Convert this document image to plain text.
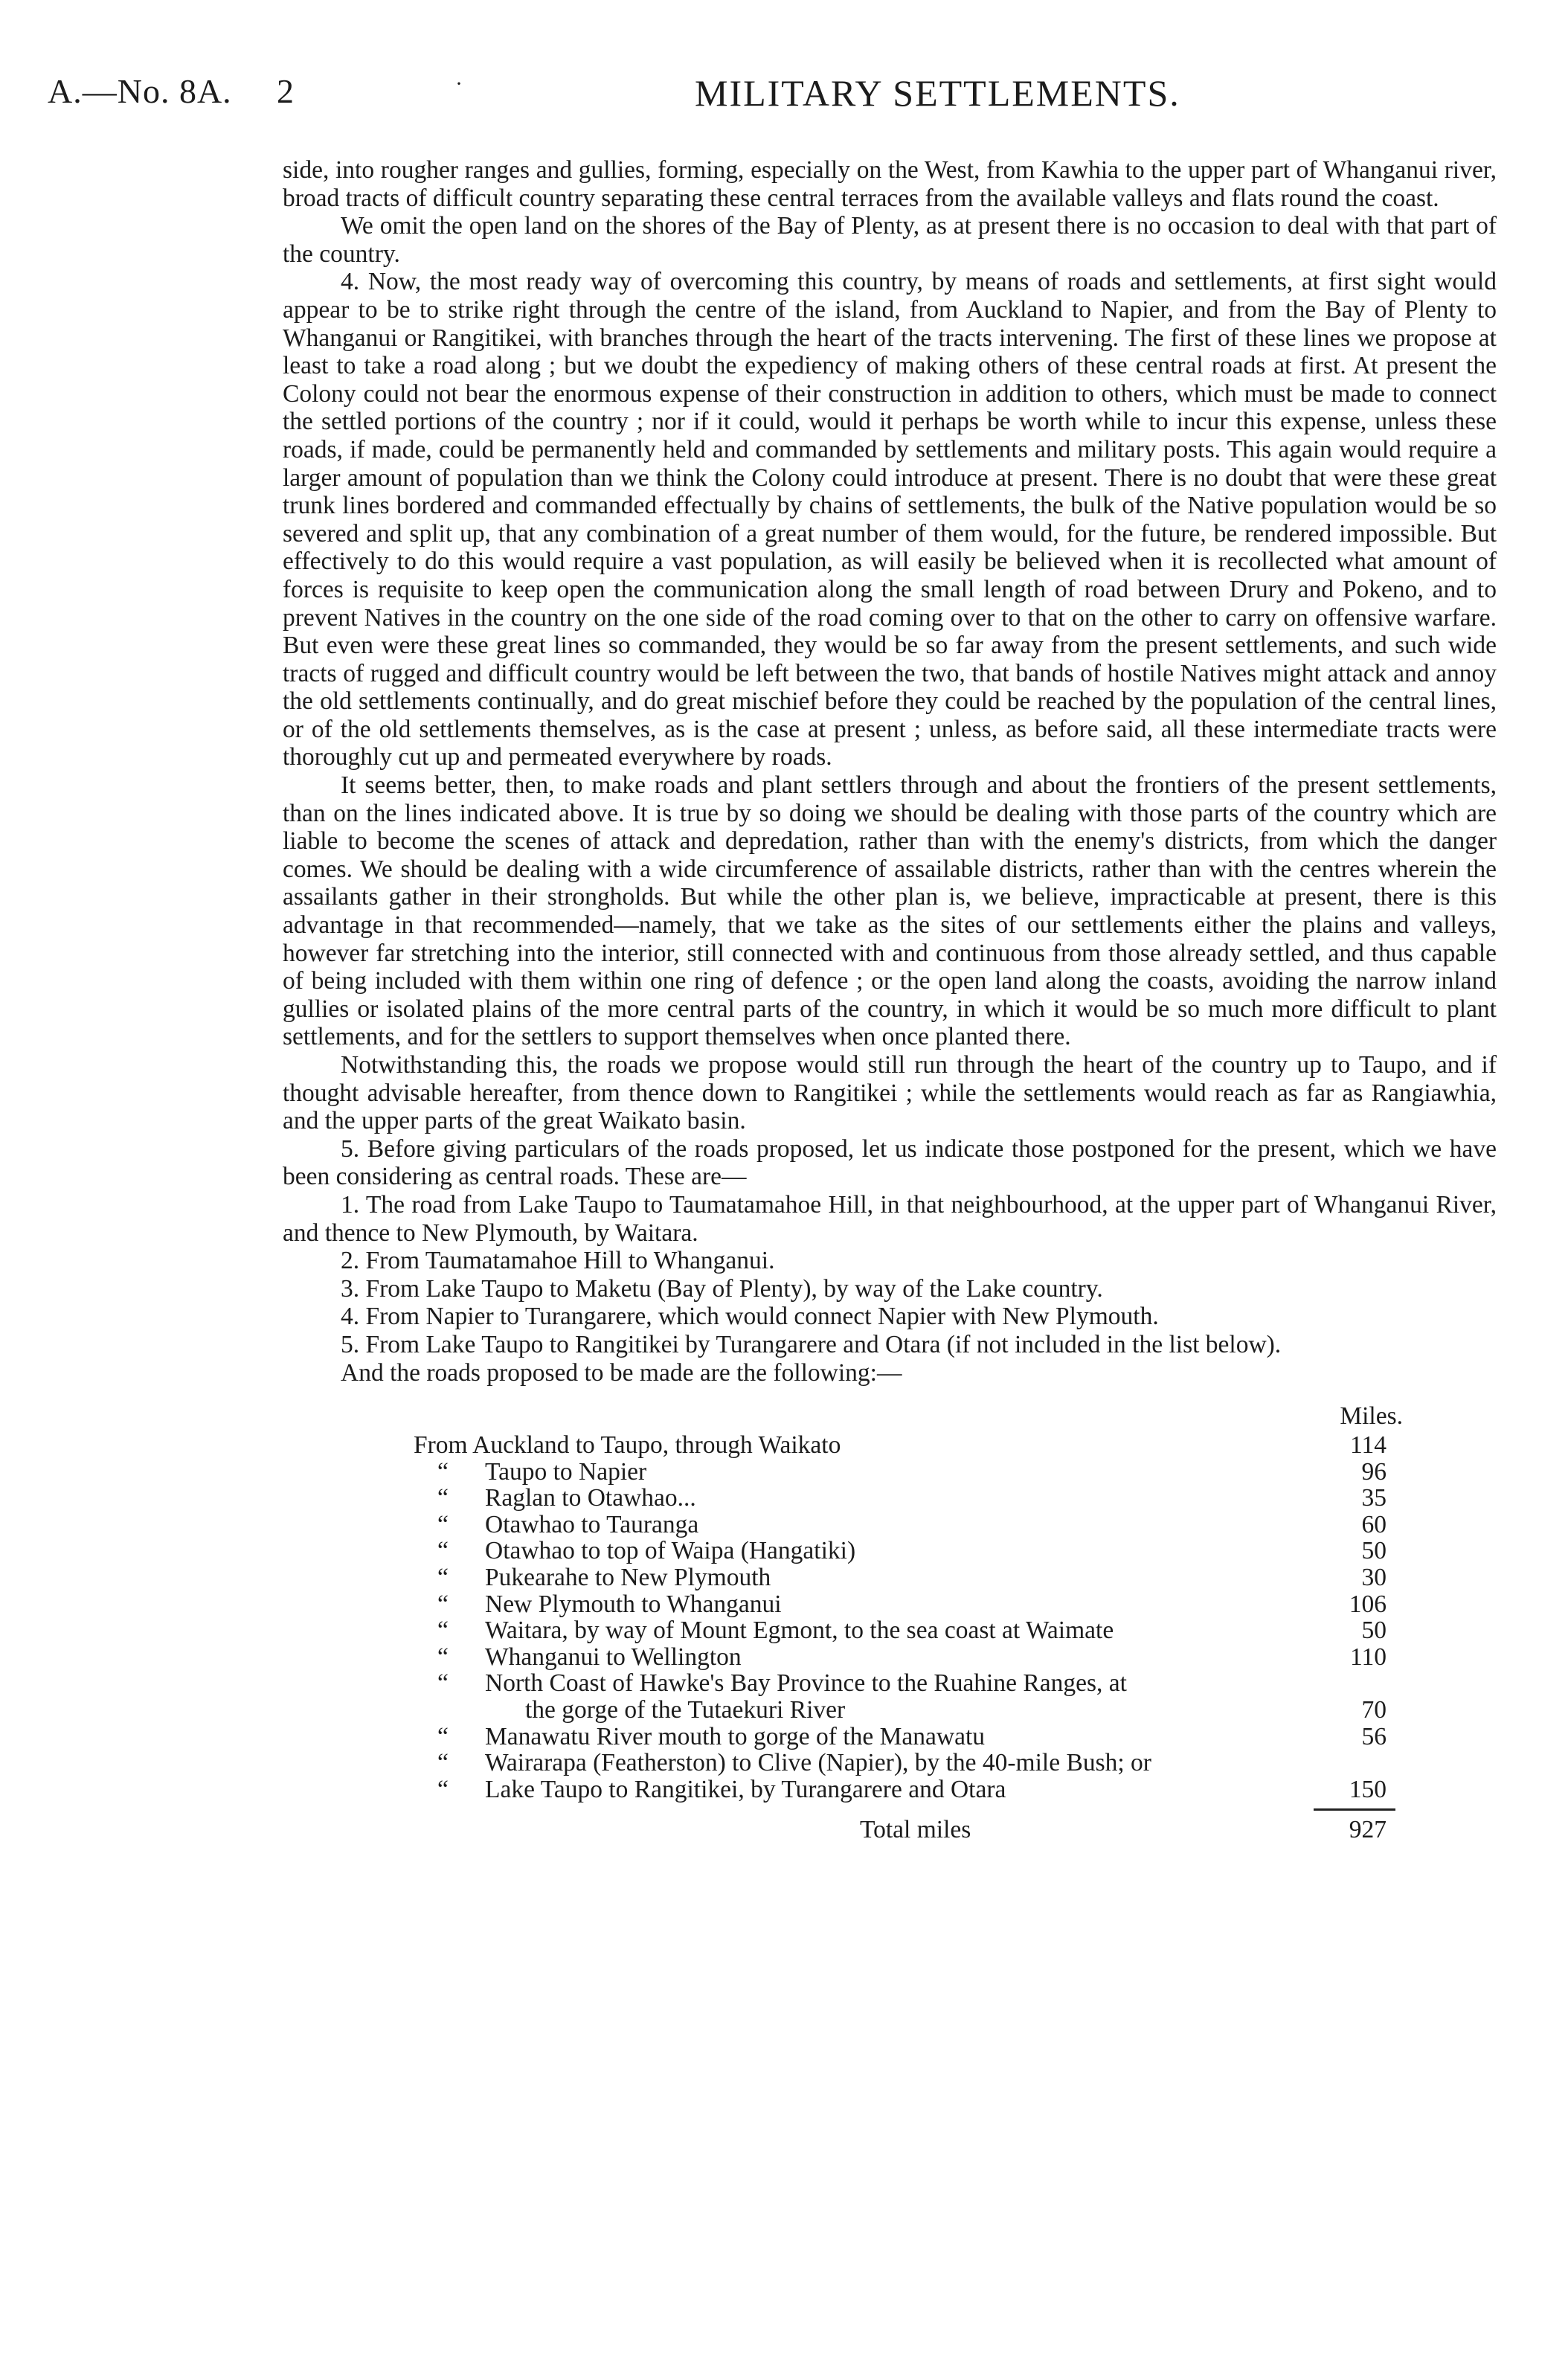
A.—No. 8A. 2	·	MILITARY SETTLEMENTS.

side, into rougher ranges and gullies, forming, especially on the West, from Kawhia to the upper part of Whanganui river, broad tracts of difficult country separating these central terraces from the available valleys and flats round the coast.

We omit the open land on the shores of the Bay of Plenty, as at present there is no occasion to deal with that part of the country.

4. Now, the most ready way of overcoming this country, by means of roads and settlements, at first sight would appear to be to strike right through the centre of the island, from Auckland to Napier, and from the Bay of Plenty to Whanganui or Rangitikei, with branches through the heart of the tracts intervening. The first of these lines we propose at least to take a road along ; but we doubt the expediency of making others of these central roads at first. At present the Colony could not bear the enormous expense of their construction in addition to others, which must be made to connect the settled portions of the country ; nor if it could, would it perhaps be worth while to incur this expense, unless these roads, if made, could be permanently held and commanded by settlements and military posts. This again would require a larger amount of population than we think the Colony could introduce at present. There is no doubt that were these great trunk lines bordered and commanded effectually by chains of settlements, the bulk of the Native population would be so severed and split up, that any combination of a great number of them would, for the future, be rendered impossible. But effectively to do this would require a vast population, as will easily be believed when it is recollected what amount of forces is requisite to keep open the communication along the small length of road between Drury and Pokeno, and to prevent Natives in the country on the one side of the road coming over to that on the other to carry on offensive warfare. But even were these great lines so commanded, they would be so far away from the present settlements, and such wide tracts of rugged and difficult country would be left between the two, that bands of hostile Natives might attack and annoy the old settlements continually, and do great mischief before they could be reached by the population of the central lines, or of the old settlements themselves, as is the case at present ; unless, as before said, all these intermediate tracts were thoroughly cut up and permeated everywhere by roads.

It seems better, then, to make roads and plant settlers through and about the frontiers of the present settlements, than on the lines indicated above. It is true by so doing we should be dealing with those parts of the country which are liable to become the scenes of attack and depredation, rather than with the enemy's districts, from which the danger comes. We should be dealing with a wide circumference of assailable districts, rather than with the centres wherein the assailants gather in their strongholds. But while the other plan is, we believe, impracticable at present, there is this advantage in that recommended—namely, that we take as the sites of our settlements either the plains and valleys, however far stretching into the interior, still connected with and continuous from those already settled, and thus capable of being included with them within one ring of defence ; or the open land along the coasts, avoiding the narrow inland gullies or isolated plains of the more central parts of the country, in which it would be so much more difficult to plant settlements, and for the settlers to support themselves when once planted there.

Notwithstanding this, the roads we propose would still run through the heart of the country up to Taupo, and if thought advisable hereafter, from thence down to Rangitikei ; while the settlements would reach as far as Rangiawhia, and the upper parts of the great Waikato basin.

5. Before giving particulars of the roads proposed, let us indicate those postponed for the present, which we have been considering as central roads. These are—

1. The road from Lake Taupo to Taumatamahoe Hill, in that neighbourhood, at the upper part of Whanganui River, and thence to New Plymouth, by Waitara.

2. From Taumatamahoe Hill to Whanganui.

3. From Lake Taupo to Maketu (Bay of Plenty), by way of the Lake country.

4. From Napier to Turangarere, which would connect Napier with New Plymouth.

5. From Lake Taupo to Rangitikei by Turangarere and Otara (if not included in the list below).

And the roads proposed to be made are the following:—

Miles.
From Auckland to Taupo, through Waikato	114
“ Taupo to Napier	96
“ Raglan to Otawhao...	35
“ Otawhao to Tauranga	60
“ Otawhao to top of Waipa (Hangatiki)	50
“ Pukearahe to New Plymouth	30
“ New Plymouth to Whanganui	106
“ Waitara, by way of Mount Egmont, to the sea coast at Waimate	50
“ Whanganui to Wellington	110
“ North Coast of Hawke's Bay Province to the Ruahine Ranges, at
the gorge of the Tutaekuri River	70
“ Manawatu River mouth to gorge of the Manawatu	56
“ Wairarapa (Featherston) to Clive (Napier), by the 40-mile Bush; or
“ Lake Taupo to Rangitikei, by Turangarere and Otara	150
Total miles	927
